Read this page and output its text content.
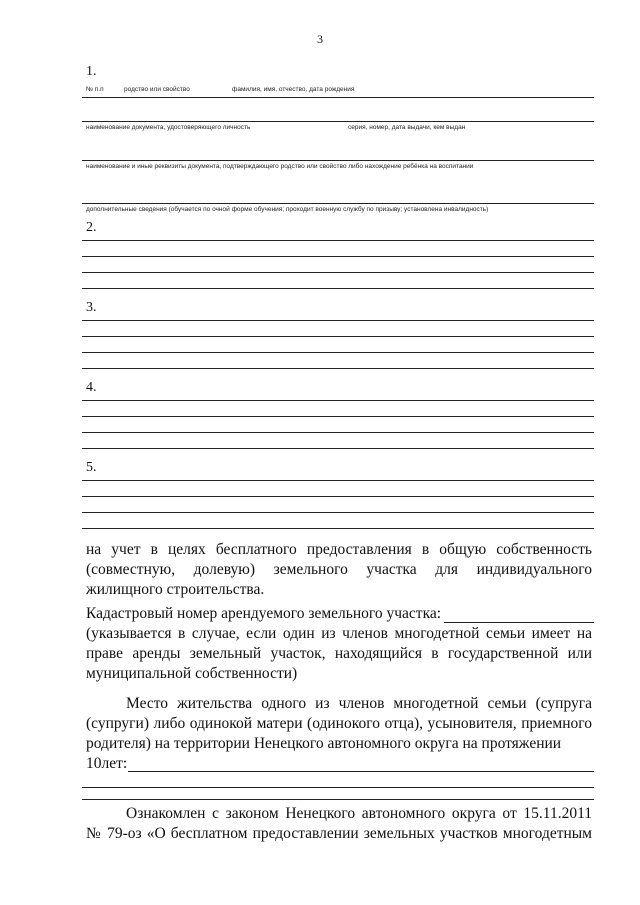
3
1.
№ п.п	родство или свойство	фамилия, имя, отчество, дата рождения
наименование документа, удостоверяющего личность	серия, номер, дата выдачи, кем выдан
наименование и иные реквизиты документа, подтверждающего родство или свойство либо нахождение ребёнка на воспитании
дополнительные сведения (обучается по очной форме обучения; проходит военную службу по призыву; установлена инвалидность)
2.
3.
4.
5.
на учет в целях бесплатного предоставления в общую собственность (совместную, долевую) земельного участка для индивидуального жилищного строительства.
Кадастровый номер арендуемого земельного участка:
(указывается в случае, если один из членов многодетной семьи имеет на праве аренды земельный участок, находящийся в государственной или муниципальной собственности)
Место жительства одного из членов многодетной семьи (супруга (супруги) либо одинокой матери (одинокого отца), усыновителя, приемного родителя) на территории Ненецкого автономного округа на протяжении
10лет:
Ознакомлен с законом Ненецкого автономного округа от 15.11.2011
№ 79-оз «О бесплатном предоставлении земельных участков многодетным
